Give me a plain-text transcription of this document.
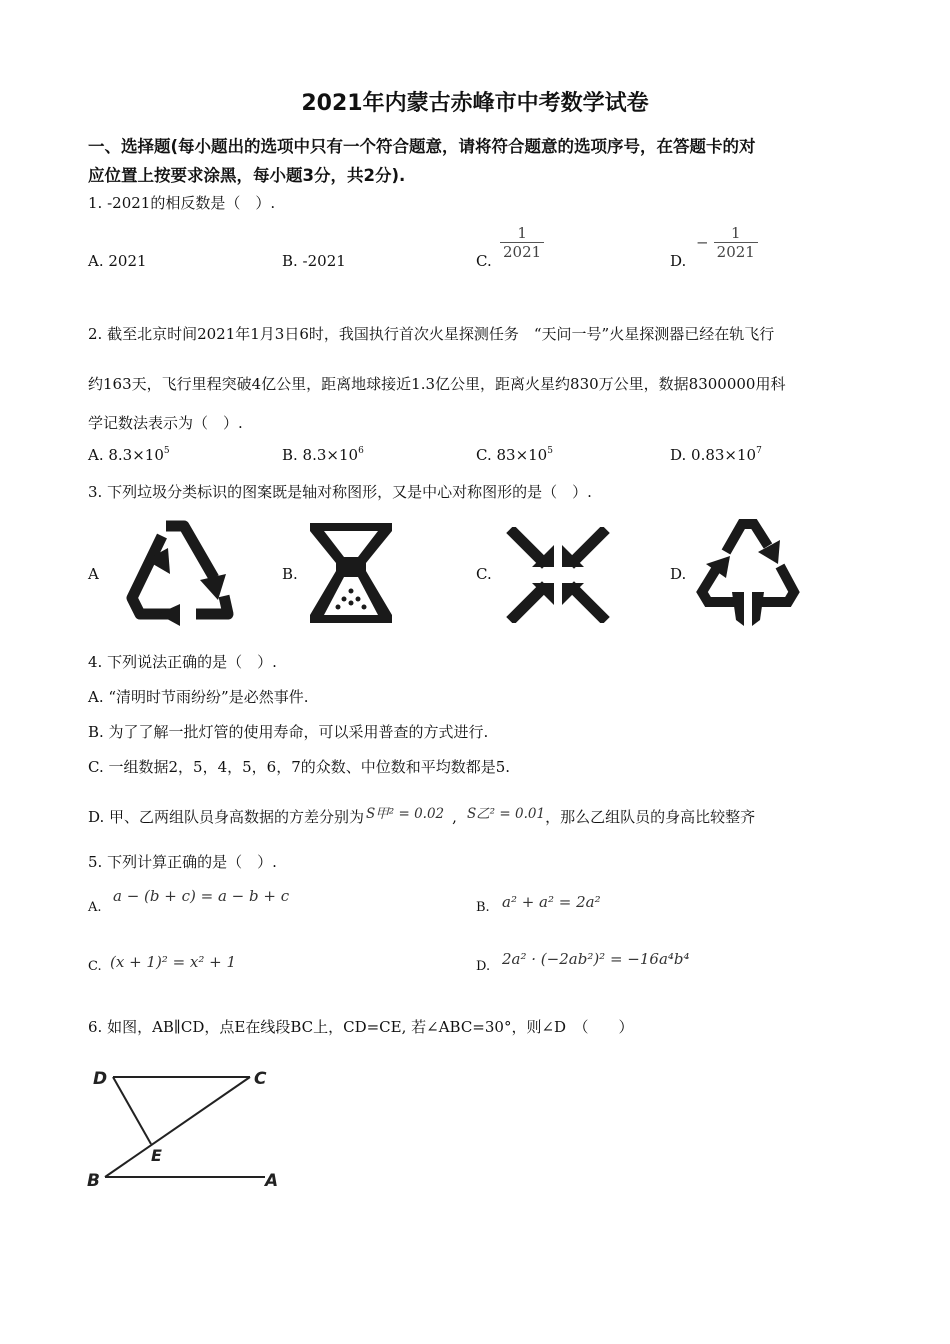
2021年内蒙古赤峰市中考数学试卷
一、选择题(每小题出的选项中只有一个符合题意，请将符合题意的选项序号，在答题卡的对
应位置上按要求涂黑，每小题3分，共2分).
1. -2021的相反数是（　）.
A. 2021	B. -2021	C. $\frac{1}{2021}$	D.
− $\frac{1}{2021}$
2. 截至北京时间2021年1月3日6时，我国执行首次火星探测任务　“天问一号”火星探测器已经在轨飞行
约163天，飞行里程突破4亿公里，距离地球接近1.3亿公里，距离火星约830万公里，数据8300000用科
学记数法表示为（　）.
A. $8.3\times 10^5$	B. $8.3\times 10^6$	C. $83\times 10^5$	D. $0.83\times 10^7$
3. 下列垃圾分类标识的图案既是轴对称图形，又是中心对称图形的是（　）.
A	B.	C.	D.
4. 下列说法正确的是（　）.
A. “清明时节雨纷纷”是必然事件.
B. 为了了解一批灯管的使用寿命，可以采用普查的方式进行.
C. 一组数据2，5，4，5，6，7的众数、中位数和平均数都是5.
D. 甲、乙两组队员身高数据的方差分别为 S甲² = 0.02 , S乙² = 0.01，那么乙组队员的身高比较整齐
5. 下列计算正确的是（　）.
A.
a − (b + c) = a − b + c
B. a² + a² = 2a²
C. (x + 1)² = x² + 1	D. 2a² · (−2ab²)² = −16a⁴b⁴
6. 如图，AB∥CD，点E在线段BC上，CD=CE, 若∠ABC=30°，则∠D　（　　）
D	C
E
B	A
